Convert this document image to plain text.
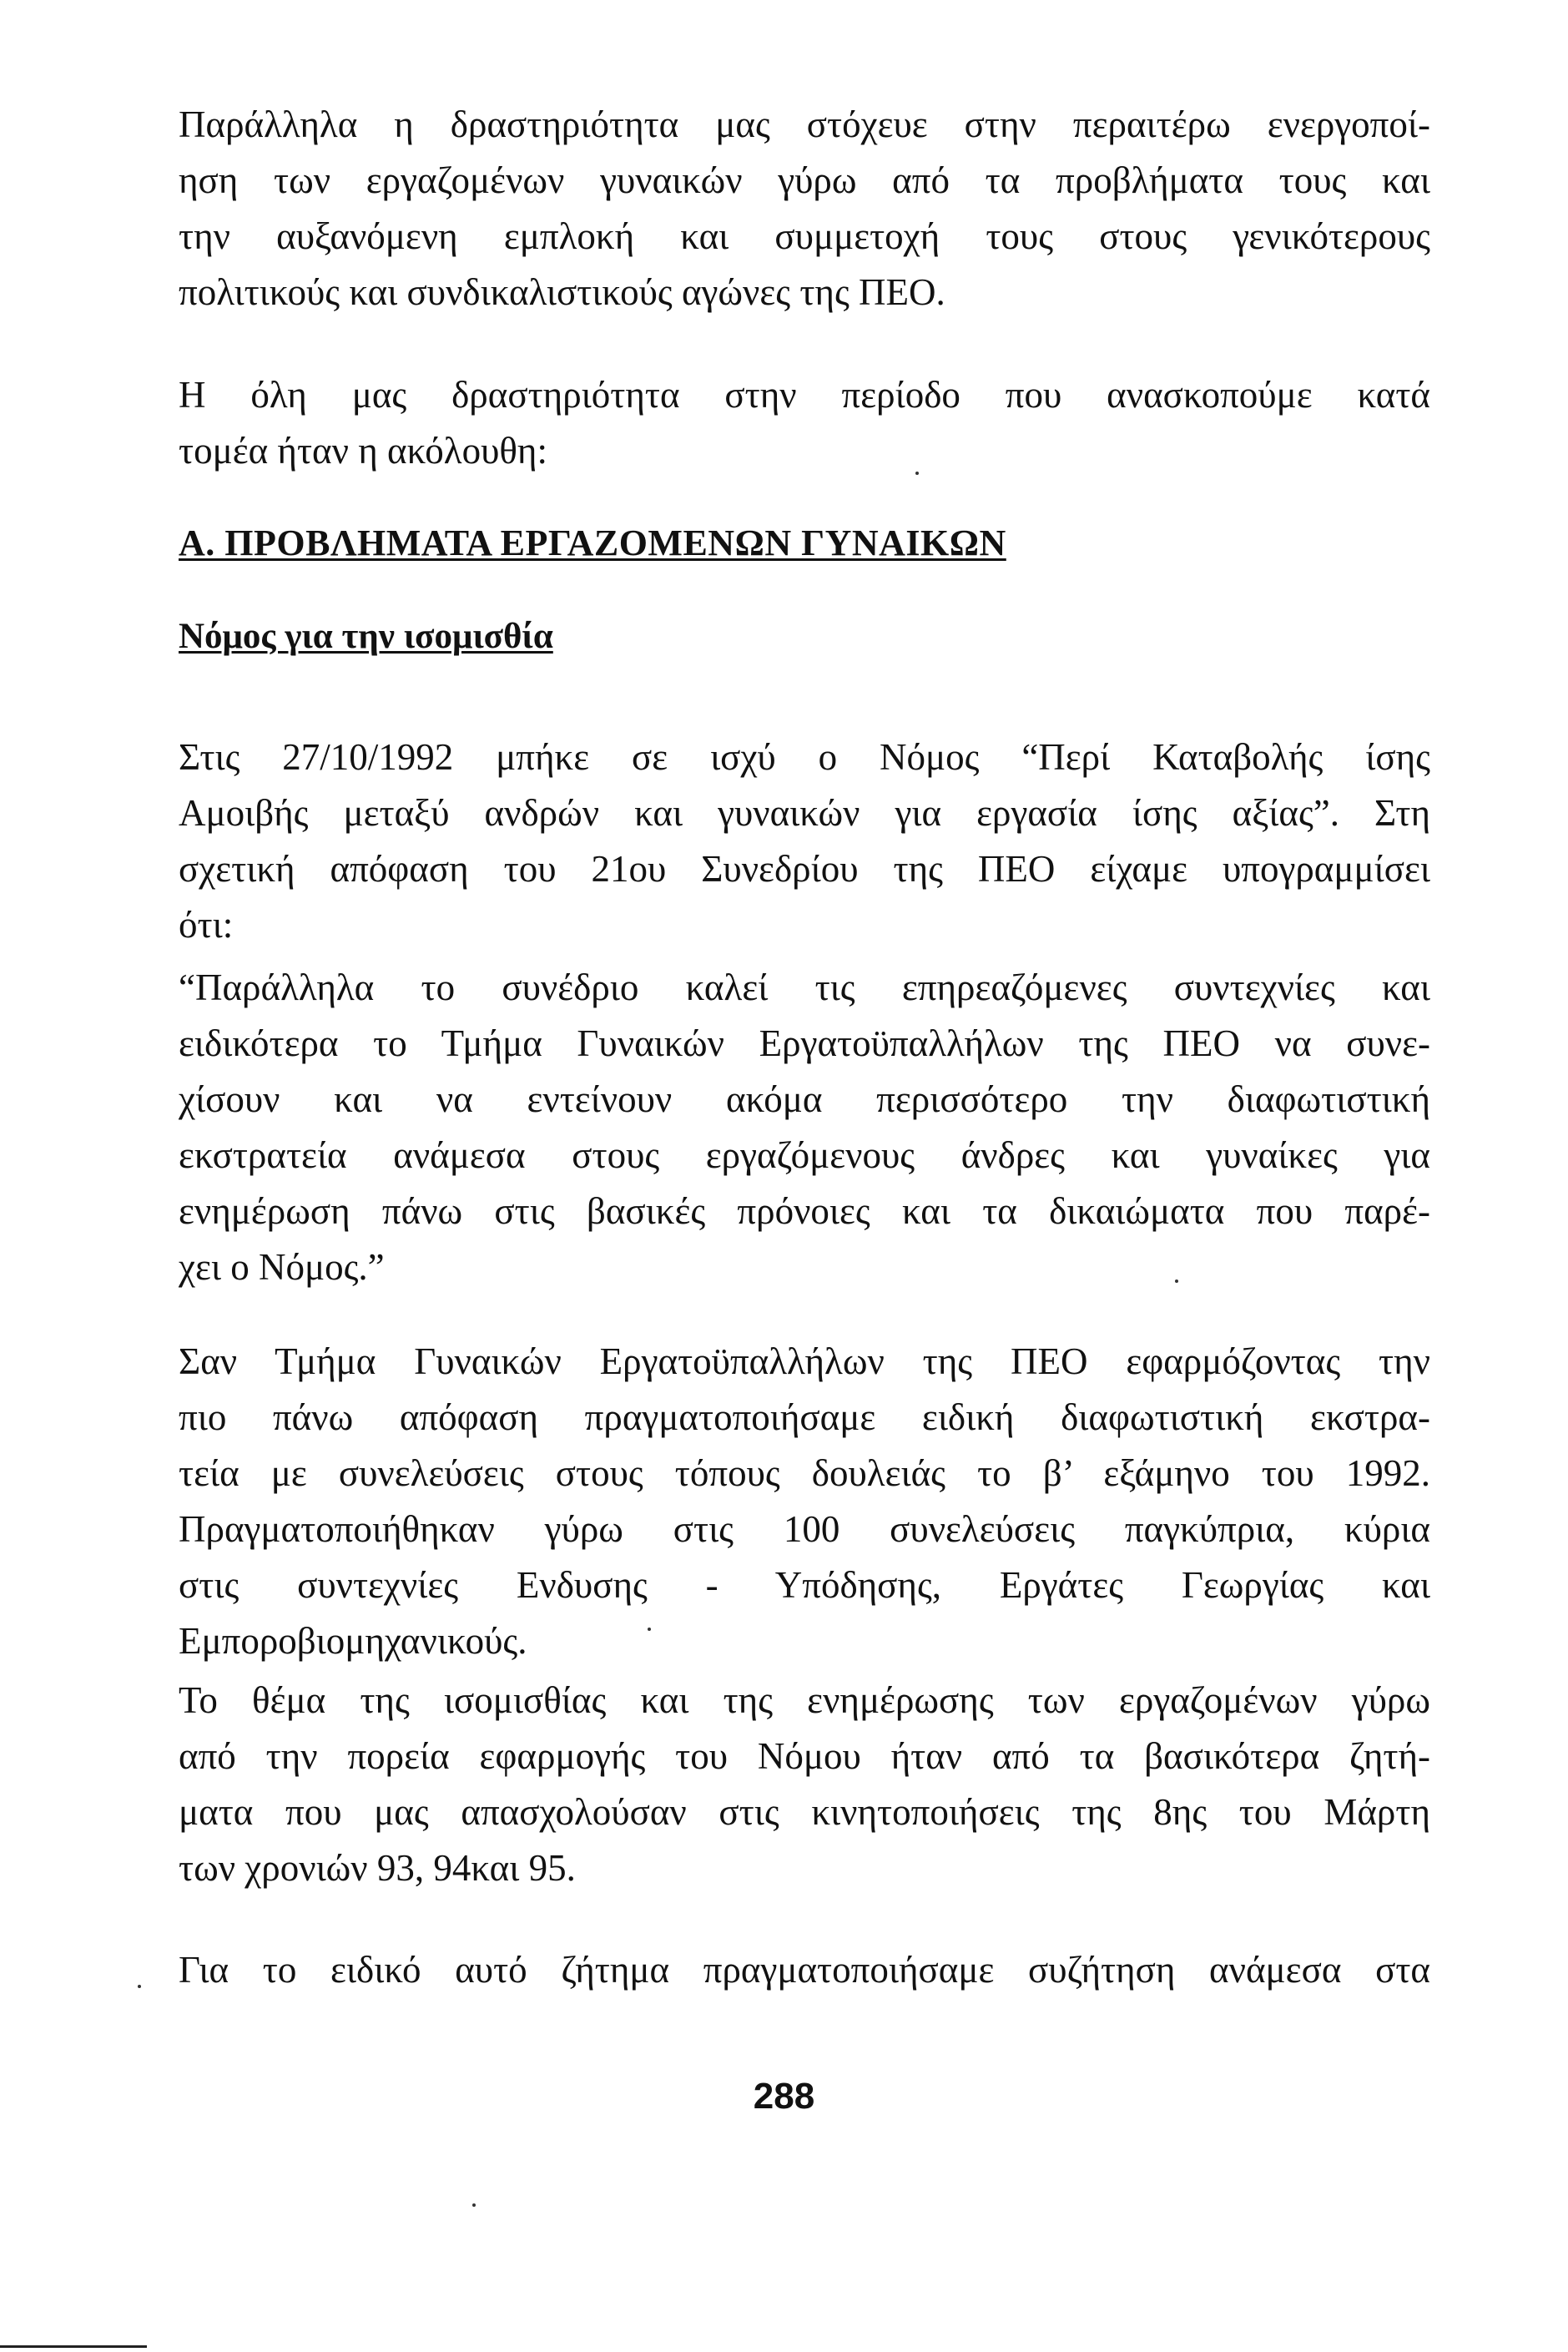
Παράλληλα η δραστηριότητα μας στόχευε στην περαιτέρω ενεργοποί-
ηση των εργαζομένων γυναικών γύρω από τα προβλήματα τους και
την αυξανόμενη εμπλοκή και συμμετοχή τους στους γενικότερους
πολιτικούς και συνδικαλιστικούς αγώνες της ΠΕΟ.

Η όλη μας δραστηριότητα στην περίοδο που ανασκοπούμε κατά
τομέα ήταν η ακόλουθη:

Α. ΠΡΟΒΛΗΜΑΤΑ ΕΡΓΑΖΟΜΕΝΩΝ ΓΥΝΑΙΚΩΝ
Νόμος για την ισομισθία

Στις 27/10/1992 μπήκε σε ισχύ ο Νόμος “Περί Καταβολής ίσης
Αμοιβής μεταξύ ανδρών και γυναικών για εργασία ίσης αξίας”. Στη
σχετική απόφαση του 21ου Συνεδρίου της ΠΕΟ είχαμε υπογραμμίσει
ότι:

“Παράλληλα το συνέδριο καλεί τις επηρεαζόμενες συντεχνίες και
ειδικότερα το Τμήμα Γυναικών Εργατοϋπαλλήλων της ΠΕΟ να συνε-
χίσουν και να εντείνουν ακόμα περισσότερο την διαφωτιστική
εκστρατεία ανάμεσα στους εργαζόμενους άνδρες και γυναίκες για
ενημέρωση πάνω στις βασικές πρόνοιες και τα δικαιώματα που παρέ-
χει ο Νόμος.”

Σαν Τμήμα Γυναικών Εργατοϋπαλλήλων της ΠΕΟ εφαρμόζοντας την
πιο πάνω απόφαση πραγματοποιήσαμε ειδική διαφωτιστική εκστρα-
τεία με συνελεύσεις στους τόπους δουλειάς το β’ εξάμηνο του 1992.
Πραγματοποιήθηκαν γύρω στις 100 συνελεύσεις παγκύπρια, κύρια
στις συντεχνίες Ενδυσης - Υπόδησης, Εργάτες Γεωργίας και
Εμποροβιομηχανικούς.

Το θέμα της ισομισθίας και της ενημέρωσης των εργαζομένων γύρω
από την πορεία εφαρμογής του Νόμου ήταν από τα βασικότερα ζητή-
ματα που μας απασχολούσαν στις κινητοποιήσεις της 8ης του Μάρτη
των χρονιών 93, 94και 95.

Για το ειδικό αυτό ζήτημα πραγματοποιήσαμε συζήτηση ανάμεσα στα

288
